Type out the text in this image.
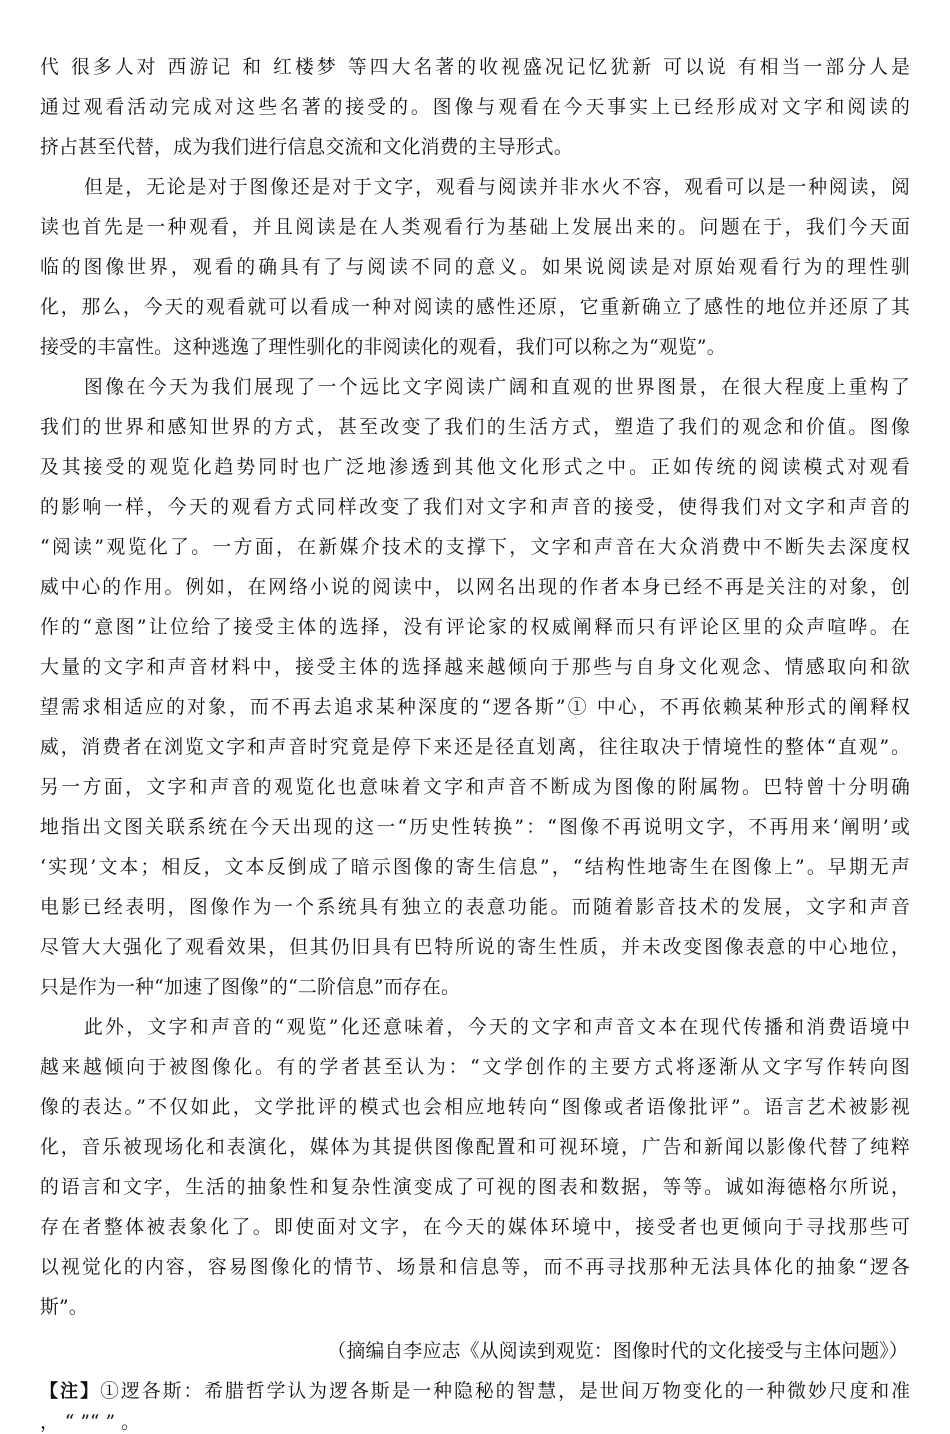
代 很多人对 西游记 和 红楼梦 等四大名著的收视盛况记忆犹新 可以说 有相当一部分人是
通过观看活动完成对这些名著的接受的。图像与观看在今天事实上已经形成对文字和阅读的
挤占甚至代替，成为我们进行信息交流和文化消费的主导形式。
但是，无论是对于图像还是对于文字，观看与阅读并非水火不容，观看可以是一种阅读，阅
读也首先是一种观看，并且阅读是在人类观看行为基础上发展出来的。问题在于，我们今天面
临的图像世界，观看的确具有了与阅读不同的意义。如果说阅读是对原始观看行为的理性驯
化，那么，今天的观看就可以看成一种对阅读的感性还原，它重新确立了感性的地位并还原了其
接受的丰富性。这种逃逸了理性驯化的非阅读化的观看，我们可以称之为“观览”。
图像在今天为我们展现了一个远比文字阅读广阔和直观的世界图景，在很大程度上重构了
我们的世界和感知世界的方式，甚至改变了我们的生活方式，塑造了我们的观念和价值。图像
及其接受的观览化趋势同时也广泛地渗透到其他文化形式之中。正如传统的阅读模式对观看
的影响一样，今天的观看方式同样改变了我们对文字和声音的接受，使得我们对文字和声音的
“阅读”观览化了。一方面，在新媒介技术的支撑下，文字和声音在大众消费中不断失去深度权
威中心的作用。例如，在网络小说的阅读中，以网名出现的作者本身已经不再是关注的对象，创
作的“意图”让位给了接受主体的选择，没有评论家的权威阐释而只有评论区里的众声喧哗。在
大量的文字和声音材料中，接受主体的选择越来越倾向于那些与自身文化观念、情感取向和欲
望需求相适应的对象，而不再去追求某种深度的“逻各斯”① 中心，不再依赖某种形式的阐释权
威，消费者在浏览文字和声音时究竟是停下来还是径直划离，往往取决于情境性的整体“直观”。
另一方面，文字和声音的观览化也意味着文字和声音不断成为图像的附属物。巴特曾十分明确
地指出文图关联系统在今天出现的这一“历史性转换”：“图像不再说明文字，不再用来‘阐明’或
‘实现’文本；相反，文本反倒成了暗示图像的寄生信息”，“结构性地寄生在图像上”。早期无声
电影已经表明，图像作为一个系统具有独立的表意功能。而随着影音技术的发展，文字和声音
尽管大大强化了观看效果，但其仍旧具有巴特所说的寄生性质，并未改变图像表意的中心地位，
只是作为一种“加速了图像”的“二阶信息”而存在。
此外，文字和声音的“观览”化还意味着，今天的文字和声音文本在现代传播和消费语境中
越来越倾向于被图像化。有的学者甚至认为：“文学创作的主要方式将逐渐从文字写作转向图
像的表达。”不仅如此，文学批评的模式也会相应地转向“图像或者语像批评”。语言艺术被影视
化，音乐被现场化和表演化，媒体为其提供图像配置和可视环境，广告和新闻以影像代替了纯粹
的语言和文字，生活的抽象性和复杂性演变成了可视的图表和数据，等等。诚如海德格尔所说，
存在者整体被表象化了。即使面对文字，在今天的媒体环境中，接受者也更倾向于寻找那些可
以视觉化的内容，容易图像化的情节、场景和信息等，而不再寻找那种无法具体化的抽象“逻各
斯”。
（摘编自李应志《从阅读到观览：图像时代的文化接受与主体问题》）
【注】①逻各斯：希腊哲学认为逻各斯是一种隐秘的智慧，是世间万物变化的一种微妙尺度和准
， “ ”“ ” 。
